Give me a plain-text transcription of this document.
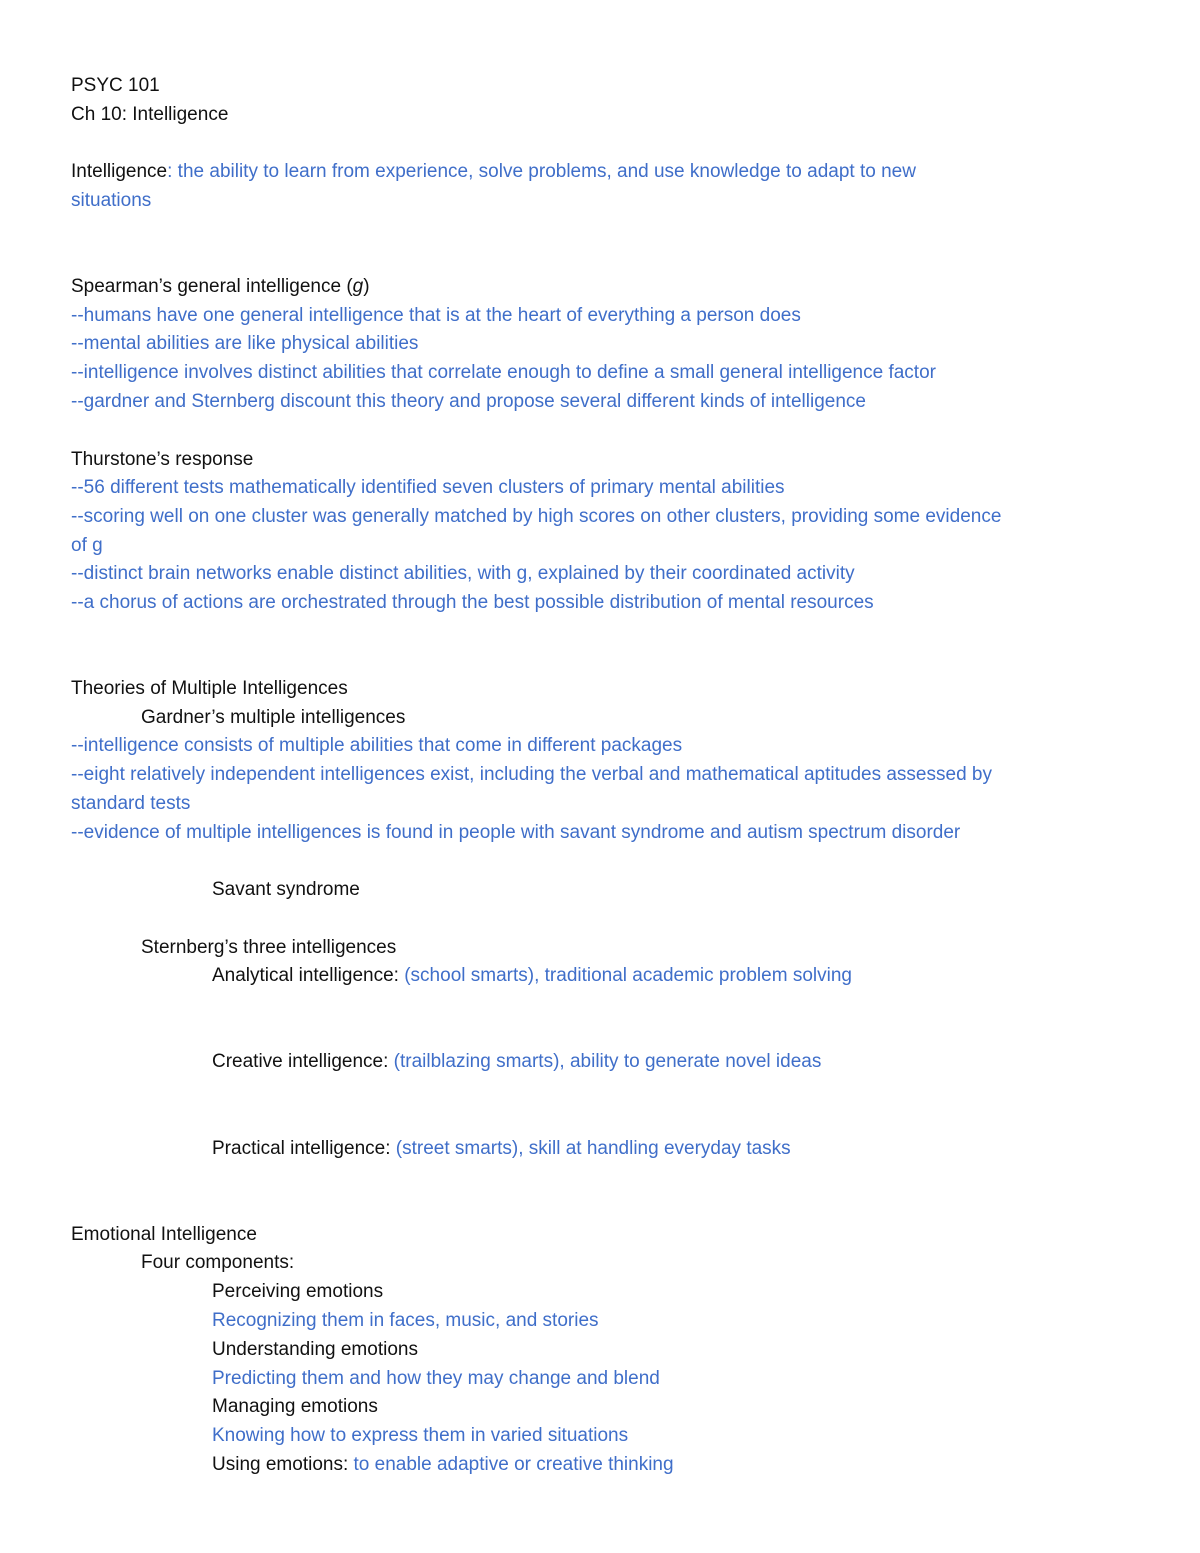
PSYC 101
Ch 10: Intelligence
Intelligence: the ability to learn from experience, solve problems, and use knowledge to adapt to new
situations
Spearman’s general intelligence (g)
--humans have one general intelligence that is at the heart of everything a person does
--mental abilities are like physical abilities
--intelligence involves distinct abilities that correlate enough to define a small general intelligence factor
--gardner and Sternberg discount this theory and propose several different kinds of intelligence
Thurstone’s response
--56 different tests mathematically identified seven clusters of primary mental abilities
--scoring well on one cluster was generally matched by high scores on other clusters, providing some evidence
of g
--distinct brain networks enable distinct abilities, with g, explained by their coordinated activity
--a chorus of actions are orchestrated through the best possible distribution of mental resources
Theories of Multiple Intelligences
Gardner’s multiple intelligences
--intelligence consists of multiple abilities that come in different packages
--eight relatively independent intelligences exist, including the verbal and mathematical aptitudes assessed by
standard tests
--evidence of multiple intelligences is found in people with savant syndrome and autism spectrum disorder
Savant syndrome
Sternberg’s three intelligences
Analytical intelligence: (school smarts), traditional academic problem solving
Creative intelligence: (trailblazing smarts), ability to generate novel ideas
Practical intelligence: (street smarts), skill at handling everyday tasks
Emotional Intelligence
Four components:
Perceiving emotions
Recognizing them in faces, music, and stories
Understanding emotions
Predicting them and how they may change and blend
Managing emotions
Knowing how to express them in varied situations
Using emotions: to enable adaptive or creative thinking
